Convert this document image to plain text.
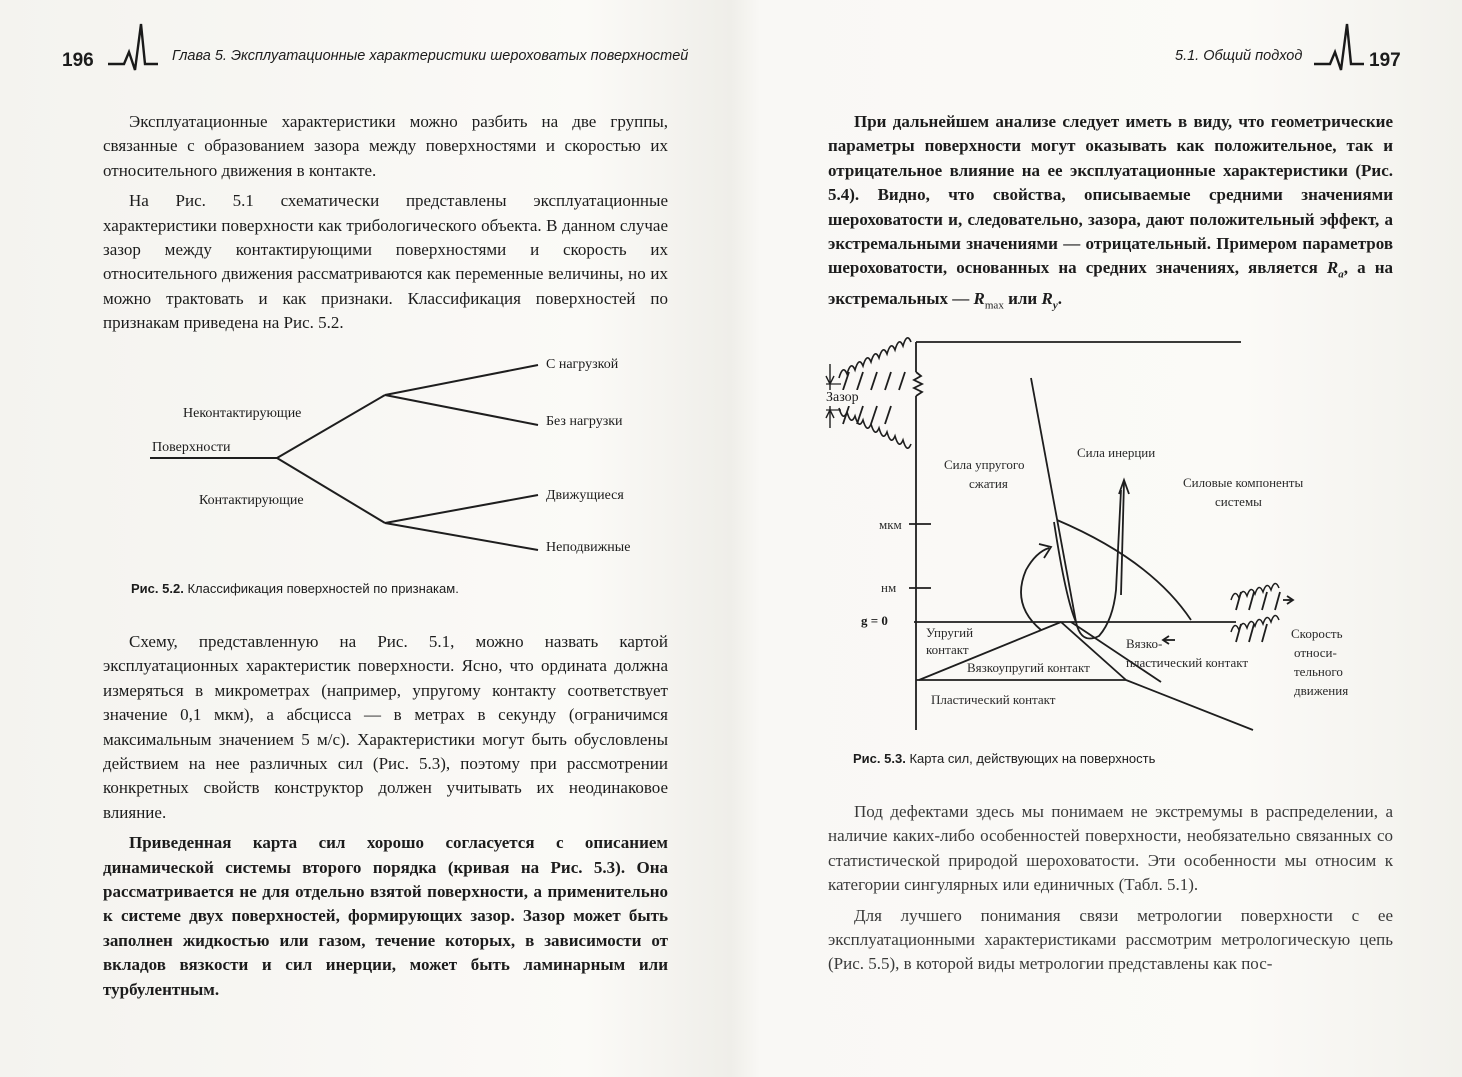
196	Глава 5. Эксплуатационные характеристики шероховатых поверхностей

Эксплуатационные характеристики можно разбить на две группы, связанные с образованием зазора между поверхностями и скоростью их относительного движения в контакте.

На Рис. 5.1 схематически представлены эксплуатационные характеристики поверхности как трибологического объекта. В данном случае зазор между контактирующими поверхностями и скорость их относительного движения рассматриваются как переменные величины, но их можно трактовать и как признаки. Классификация поверхностей по признакам приведена на Рис. 5.2.

Поверхности
Неконтактирующие
Контактирующие
С нагрузкой
Без нагрузки
Движущиеся
Неподвижные
Рис. 5.2. Классификация поверхностей по признакам.

Схему, представленную на Рис. 5.1, можно назвать картой эксплуатационных характеристик поверхности. Ясно, что ордината должна измеряться в микрометрах (например, упругому контакту соответствует значение 0,1 мкм), а абсцисса — в метрах в секунду (ограничимся максимальным значением 5 м/с). Характеристики могут быть обусловлены действием на нее различных сил (Рис. 5.3), поэтому при рассмотрении конкретных свойств конструктор должен учитывать их неодинаковое влияние.

Приведенная карта сил хорошо согласуется с описанием динамической системы второго порядка (кривая на Рис. 5.3). Она рассматривается не для отдельно взятой поверхности, а применительно к системе двух поверхностей, формирующих зазор. Зазор может быть заполнен жидкостью или газом, течение которых, в зависимости от вкладов вязкости и сил инерции, может быть ламинарным или турбулентным.

5.1. Общий подход	197

При дальнейшем анализе следует иметь в виду, что геометрические параметры поверхности могут оказывать как положительное, так и отрицательное влияние на ее эксплуатационные характеристики (Рис. 5.4). Видно, что свойства, описываемые средними значениями шероховатости и, следовательно, зазора, дают положительный эффект, а экстремальными значениями — отрицательный. Примером параметров шероховатости, основанных на средних значениях, является $R_a$, а на экстремальных — $R_{max}$ или $R_y$.

Зазор
Сила упругого
сжатия
Сила инерции
Силовые компоненты
системы
мкм
нм
g = 0
Упругий
контакт	Вязко-
пластический контакт
Вязкоупругий контакт
Пластический контакт
Скорость
относи-
тельного
движения
Рис. 5.3. Карта сил, действующих на поверхность

Под дефектами здесь мы понимаем не экстремумы в распределении, а наличие каких-либо особенностей поверхности, необязательно связанных со статистической природой шероховатости. Эти особенности мы относим к категории сингулярных или единичных (Табл. 5.1).

Для лучшего понимания связи метрологии поверхности с ее эксплуатационными характеристиками рассмотрим метрологическую цепь (Рис. 5.5), в которой виды метрологии представлены как пос-
